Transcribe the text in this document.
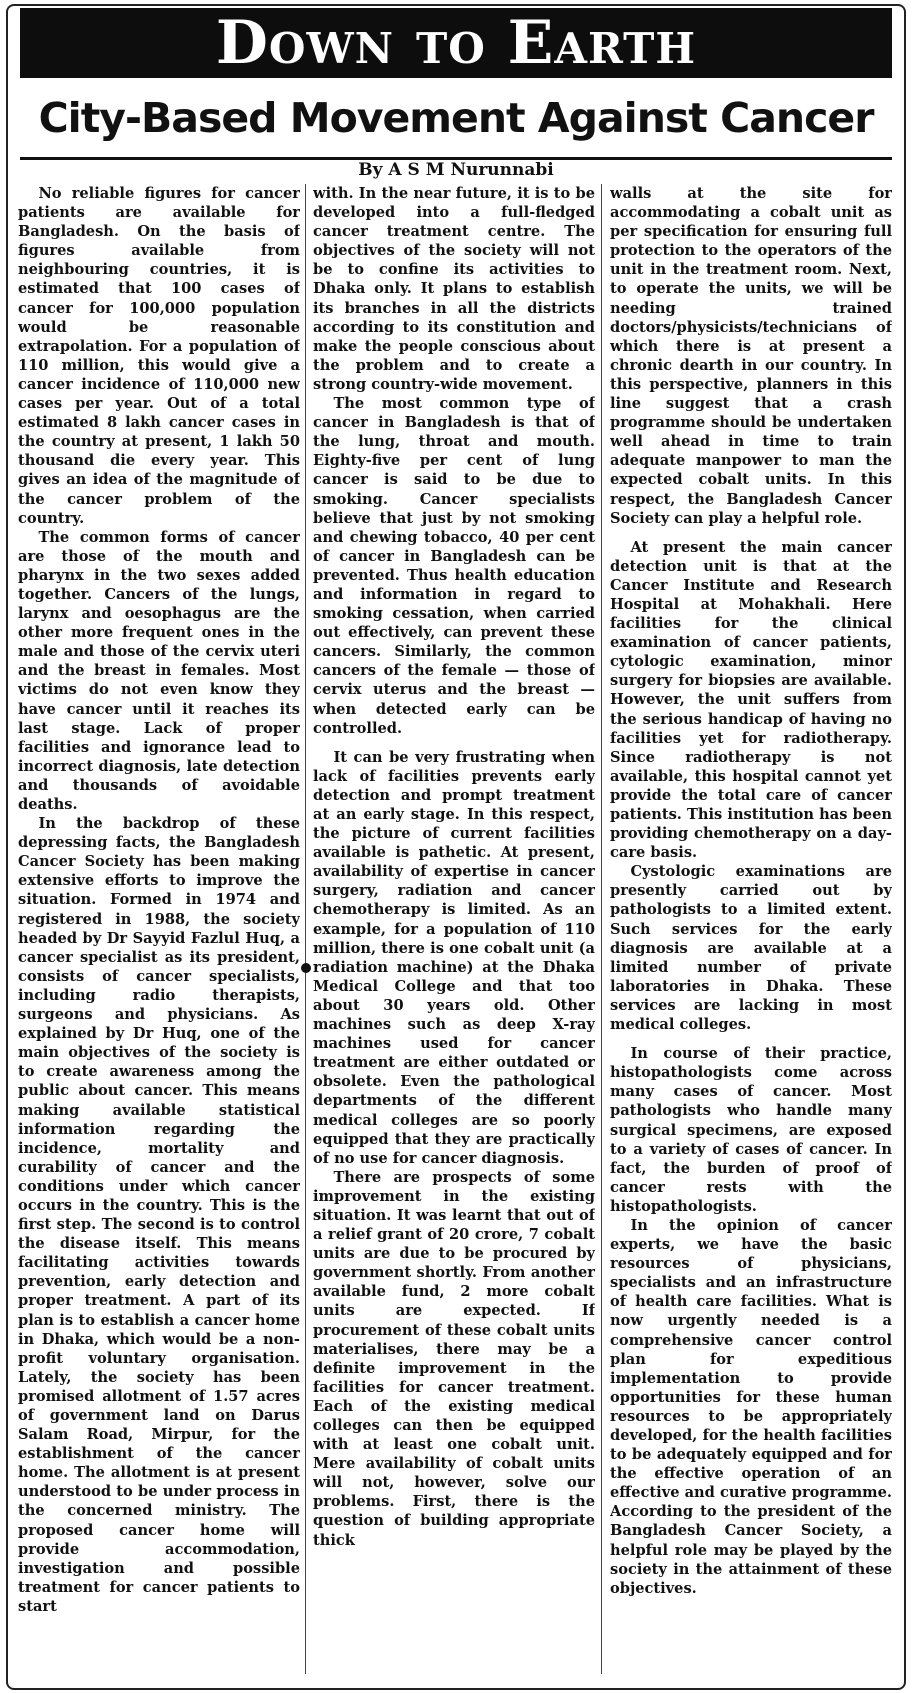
Down to Earth
City-Based Movement Against Cancer
By A S M Nurunnabi

No reliable figures for cancer patients are available for Bangladesh. On the basis of figures available from neighbouring countries, it is estimated that 100 cases of cancer for 100,000 population would be reasonable extrapolation. For a population of 110 million, this would give a cancer incidence of 110,000 new cases per year. Out of a total estimated 8 lakh cancer cases in the country at present, 1 lakh 50 thousand die every year. This gives an idea of the magnitude of the cancer problem of the country.

The common forms of cancer are those of the mouth and pharynx in the two sexes added together. Cancers of the lungs, larynx and oesophagus are the other more frequent ones in the male and those of the cervix uteri and the breast in females. Most victims do not even know they have cancer until it reaches its last stage. Lack of proper facilities and ignorance lead to incorrect diagnosis, late detection and thousands of avoidable deaths.

In the backdrop of these depressing facts, the Bangladesh Cancer Society has been making extensive efforts to improve the situation. Formed in 1974 and registered in 1988, the society headed by Dr Sayyid Fazlul Huq, a cancer specialist as its president, consists of cancer specialists, including radio therapists, surgeons and physicians. As explained by Dr Huq, one of the main objectives of the society is to create awareness among the public about cancer. This means making available statistical information regarding the incidence, mortality and curability of cancer and the conditions under which cancer occurs in the country. This is the first step. The second is to control the disease itself. This means facilitating activities towards prevention, early detection and proper treatment. A part of its plan is to establish a cancer home in Dhaka, which would be a non-profit voluntary organisation. Lately, the society has been promised allotment of 1.57 acres of government land on Darus Salam Road, Mirpur, for the establishment of the cancer home. The allotment is at present understood to be under process in the concerned ministry. The proposed cancer home will provide accommodation, investigation and possible treatment for cancer patients to start

with. In the near future, it is to be developed into a full-fledged cancer treatment centre. The objectives of the society will not be to confine its activities to Dhaka only. It plans to establish its branches in all the districts according to its constitution and make the people conscious about the problem and to create a strong country-wide movement.

The most common type of cancer in Bangladesh is that of the lung, throat and mouth. Eighty-five per cent of lung cancer is said to be due to smoking. Cancer specialists believe that just by not smoking and chewing tobacco, 40 per cent of cancer in Bangladesh can be prevented. Thus health education and information in regard to smoking cessation, when carried out effectively, can prevent these cancers. Similarly, the common cancers of the female — those of cervix uterus and the breast — when detected early can be controlled.

It can be very frustrating when lack of facilities prevents early detection and prompt treatment at an early stage. In this respect, the picture of current facilities available is pathetic. At present, availability of expertise in cancer surgery, radiation and cancer chemotherapy is limited. As an example, for a population of 110 million, there is one cobalt unit (a radiation machine) at the Dhaka Medical College and that too about 30 years old. Other machines such as deep X-ray machines used for cancer treatment are either outdated or obsolete. Even the pathological departments of the different medical colleges are so poorly equipped that they are practically of no use for cancer diagnosis.

There are prospects of some improvement in the existing situation. It was learnt that out of a relief grant of 20 crore, 7 cobalt units are due to be procured by government shortly. From another available fund, 2 more cobalt units are expected. If procurement of these cobalt units materialises, there may be a definite improvement in the facilities for cancer treatment. Each of the existing medical colleges can then be equipped with at least one cobalt unit. Mere availability of cobalt units will not, however, solve our problems. First, there is the question of building appropriate thick

walls at the site for accommodating a cobalt unit as per specification for ensuring full protection to the operators of the unit in the treatment room. Next, to operate the units, we will be needing trained doctors/physicists/technicians of which there is at present a chronic dearth in our country. In this perspective, planners in this line suggest that a crash programme should be undertaken well ahead in time to train adequate manpower to man the expected cobalt units. In this respect, the Bangladesh Cancer Society can play a helpful role.

At present the main cancer detection unit is that at the Cancer Institute and Research Hospital at Mohakhali. Here facilities for the clinical examination of cancer patients, cytologic examination, minor surgery for biopsies are available. However, the unit suffers from the serious handicap of having no facilities yet for radiotherapy. Since radiotherapy is not available, this hospital cannot yet provide the total care of cancer patients. This institution has been providing chemotherapy on a day-care basis.

Cystologic examinations are presently carried out by pathologists to a limited extent. Such services for the early diagnosis are available at a limited number of private laboratories in Dhaka. These services are lacking in most medical colleges.

In course of their practice, histopathologists come across many cases of cancer. Most pathologists who handle many surgical specimens, are exposed to a variety of cases of cancer. In fact, the burden of proof of cancer rests with the histopathologists.

In the opinion of cancer experts, we have the basic resources of physicians, specialists and an infrastructure of health care facilities. What is now urgently needed is a comprehensive cancer control plan for expeditious implementation to provide opportunities for these human resources to be appropriately developed, for the health facilities to be adequately equipped and for the effective operation of an effective and curative programme. According to the president of the Bangladesh Cancer Society, a helpful role may be played by the society in the attainment of these objectives.
